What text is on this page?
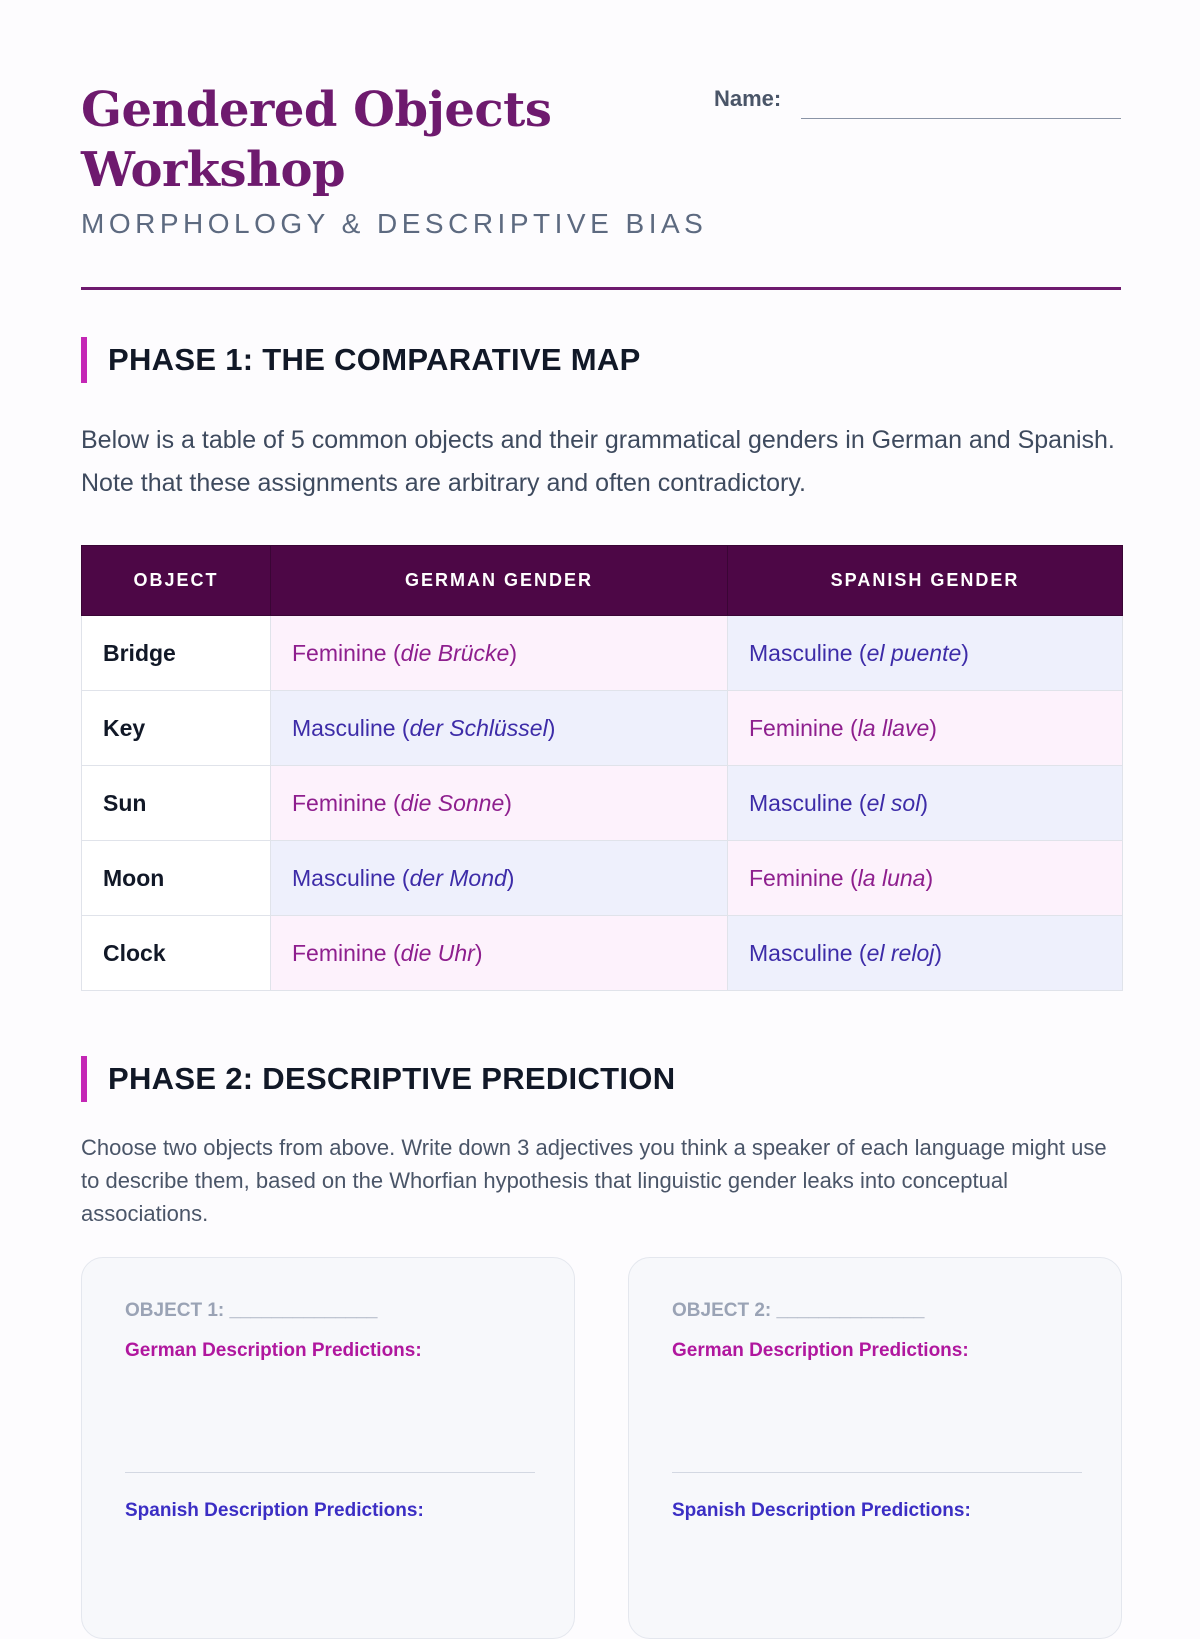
Gendered Objects Workshop
MORPHOLOGY & DESCRIPTIVE BIAS
Name:
PHASE 1: THE COMPARATIVE MAP

Below is a table of 5 common objects and their grammatical genders in German and Spanish. Note that these assignments are arbitrary and often contradictory.

OBJECT	GERMAN GENDER	SPANISH GENDER
Bridge	Feminine (die Brücke)	Masculine (el puente)
Key	Masculine (der Schlüssel)	Feminine (la llave)
Sun	Feminine (die Sonne)	Masculine (el sol)
Moon	Masculine (der Mond)	Feminine (la luna)
Clock	Feminine (die Uhr)	Masculine (el reloj)
PHASE 2: DESCRIPTIVE PREDICTION

Choose two objects from above. Write down 3 adjectives you think a speaker of each language might use to describe them, based on the Whorfian hypothesis that linguistic gender leaks into conceptual associations.

OBJECT 1: ______________
German Description Predictions:
Spanish Description Predictions:
OBJECT 2: ______________
German Description Predictions:
Spanish Description Predictions:
